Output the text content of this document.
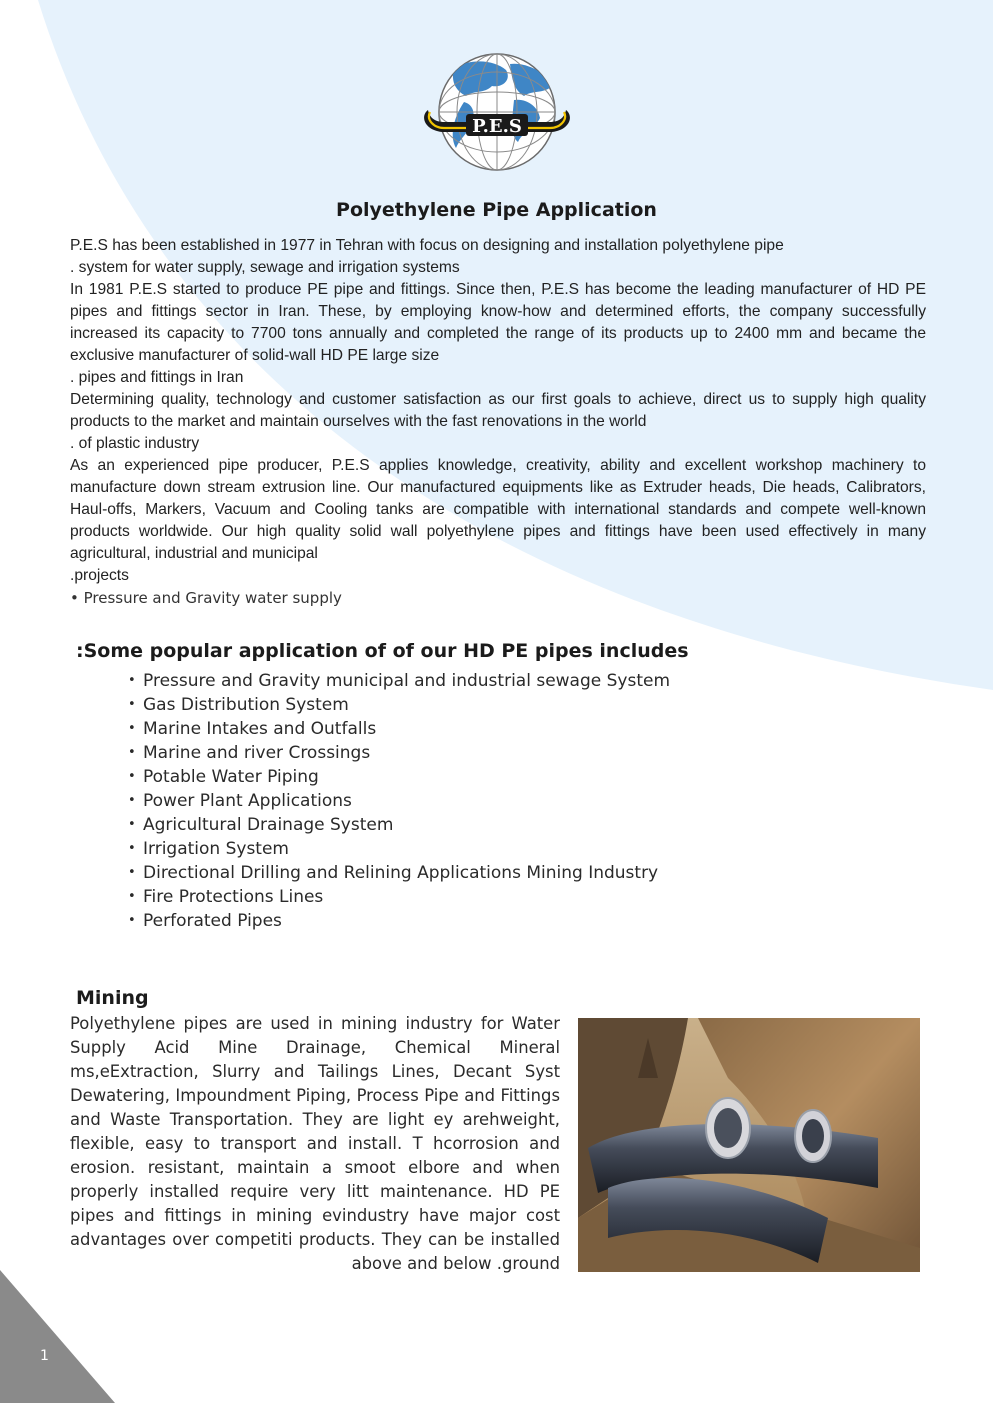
P.E.S
Polyethylene Pipe Application

P.E.S has been established in 1977 in Tehran with focus on designing and installation polyethylene pipe
. system for water supply, sewage and irrigation systems

In 1981 P.E.S started to produce PE pipe and fittings. Since then, P.E.S has become the leading manufacturer of HD PE pipes and fittings sector in Iran. These, by employing know-how and determined efforts, the company successfully increased its capacity to 7700 tons annually and completed the range of its products up to 2400 mm and became the exclusive manufacturer of solid-wall HD PE large size
. pipes and fittings in Iran

Determining quality, technology and customer satisfaction as our first goals to achieve, direct us to supply high quality products to the market and maintain ourselves with the fast renovations in the world
. of plastic industry

As an experienced pipe producer, P.E.S applies knowledge, creativity, ability and excellent workshop machinery to manufacture down stream extrusion line. Our manufactured equipments like as Extruder heads, Die heads, Calibrators, Haul-offs, Markers, Vacuum and Cooling tanks are compatible with international standards and compete well-known products worldwide. Our high quality solid wall polyethylene pipes and fittings have been used effectively in many agricultural, industrial and municipal
.projects

• Pressure and Gravity water supply
:Some popular application of of our HD PE pipes includes
• Pressure and Gravity municipal and industrial sewage System
• Gas Distribution System
• Marine Intakes and Outfalls
• Marine and river Crossings
• Potable Water Piping
• Power Plant Applications
• Agricultural Drainage System
• Irrigation System
• Directional Drilling and Relining Applications Mining Industry
• Fire Protections Lines
• Perforated Pipes
Mining

Polyethylene pipes are used in mining industry for Water Supply Acid Mine Drainage, Chemical Mineral ms,eExtraction, Slurry and Tailings Lines, Decant Syst Dewatering, Impoundment Piping, Process Pipe and Fittings and Waste Transportation. They are light ey arehweight, flexible, easy to transport and install. T hcorrosion and erosion. resistant, maintain a smoot elbore and when properly installed require very litt maintenance. HD PE pipes and fittings in mining evindustry have major cost advantages over competiti products. They can be installed above and below .ground

1
